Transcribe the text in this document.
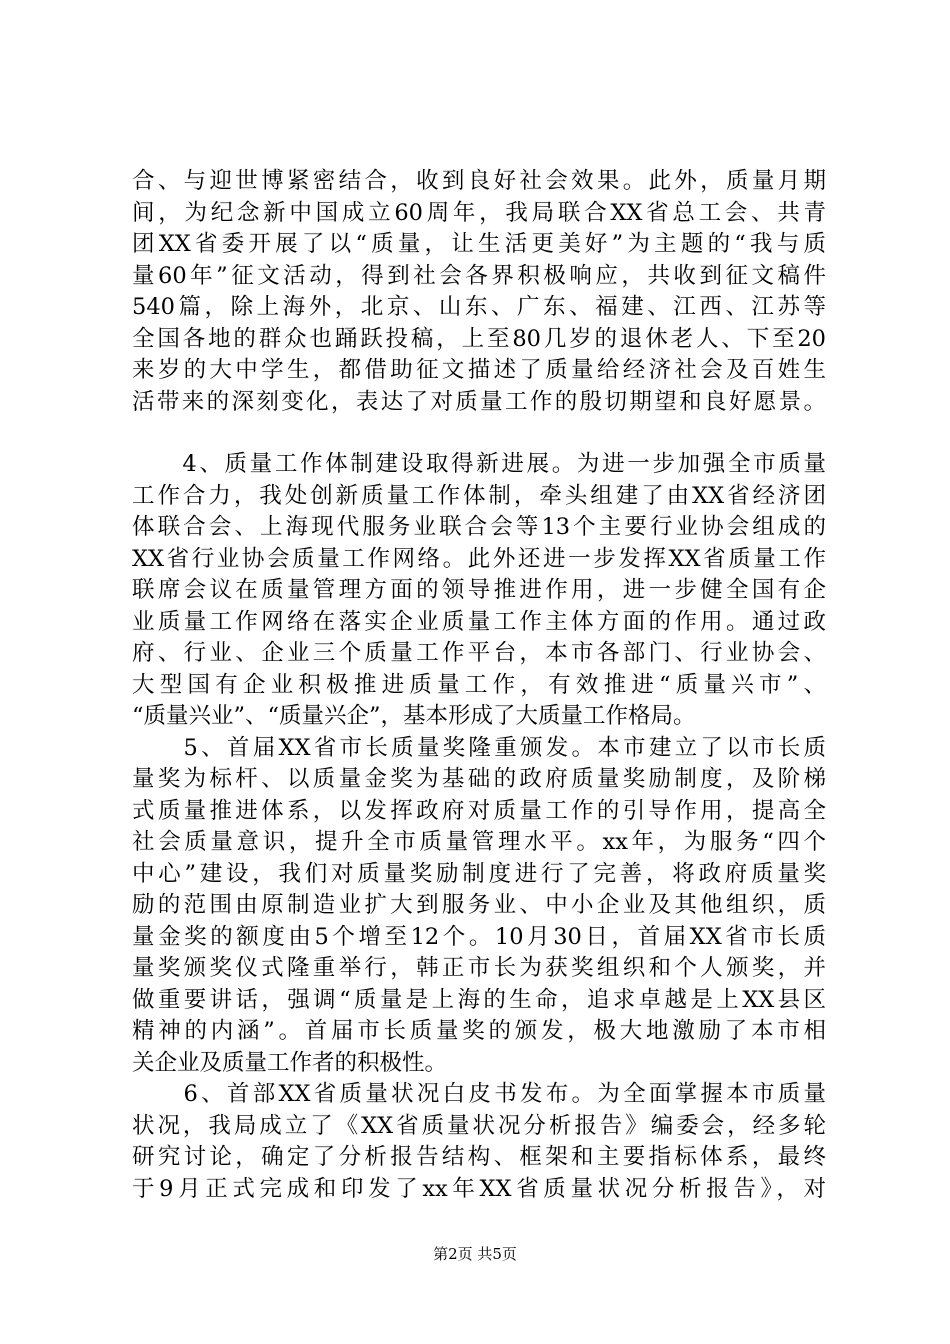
合、与迎世博紧密结合，收到良好社会效果。此外，质量月期
间，为纪念新中国成立60周年，我局联合XX省总工会、共青
团XX省委开展了以“质量，让生活更美好”为主题的“我与质
量60年”征文活动，得到社会各界积极响应，共收到征文稿件
540篇，除上海外，北京、山东、广东、福建、江西、江苏等
全国各地的群众也踊跃投稿，上至80几岁的退休老人、下至20
来岁的大中学生，都借助征文描述了质量给经济社会及百姓生
活带来的深刻变化，表达了对质量工作的殷切期望和良好愿景。
　　4、质量工作体制建设取得新进展。为进一步加强全市质量
工作合力，我处创新质量工作体制，牵头组建了由XX省经济团
体联合会、上海现代服务业联合会等13个主要行业协会组成的
XX省行业协会质量工作网络。此外还进一步发挥XX省质量工作
联席会议在质量管理方面的领导推进作用，进一步健全国有企
业质量工作网络在落实企业质量工作主体方面的作用。通过政
府、行业、企业三个质量工作平台，本市各部门、行业协会、
大型国有企业积极推进质量工作，有效推进“质量兴市”、
“质量兴业”、“质量兴企”，基本形成了大质量工作格局。
　　5、首届XX省市长质量奖隆重颁发。本市建立了以市长质
量奖为标杆、以质量金奖为基础的政府质量奖励制度，及阶梯
式质量推进体系，以发挥政府对质量工作的引导作用，提高全
社会质量意识，提升全市质量管理水平。xx年，为服务“四个
中心”建设，我们对质量奖励制度进行了完善，将政府质量奖
励的范围由原制造业扩大到服务业、中小企业及其他组织，质
量金奖的额度由5个增至12个。10月30日，首届XX省市长质
量奖颁奖仪式隆重举行，韩正市长为获奖组织和个人颁奖，并
做重要讲话，强调“质量是上海的生命，追求卓越是上XX县区
精神的内涵”。首届市长质量奖的颁发，极大地激励了本市相
关企业及质量工作者的积极性。
　　6、首部XX省质量状况白皮书发布。为全面掌握本市质量
状况，我局成立了《XX省质量状况分析报告》编委会，经多轮
研究讨论，确定了分析报告结构、框架和主要指标体系，最终
于9月正式完成和印发了xx年XX省质量状况分析报告》，对
第2页 共5页
